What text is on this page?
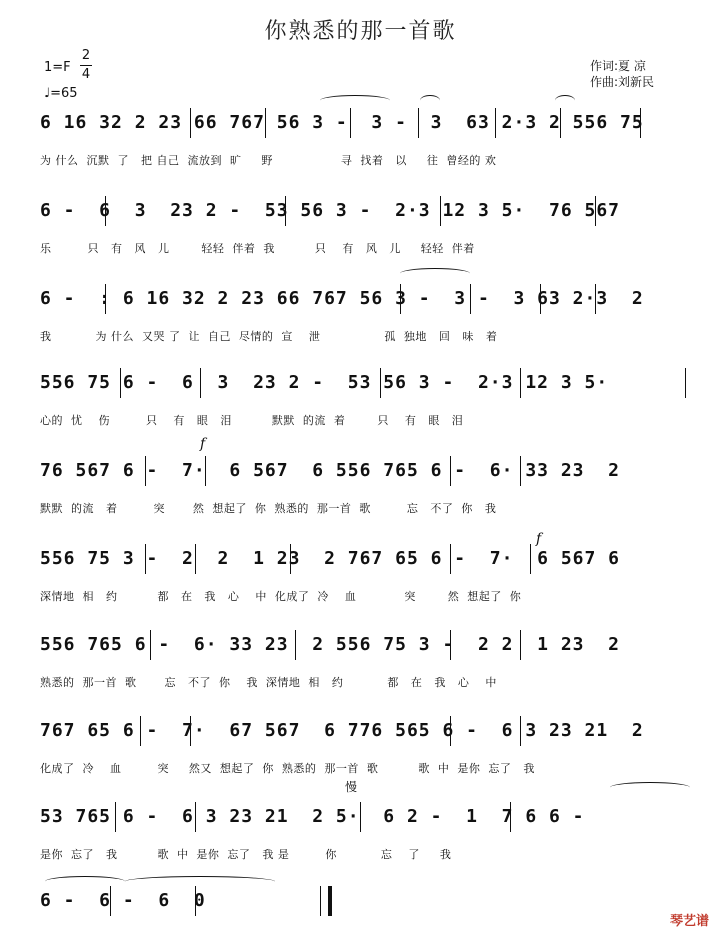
你熟悉的那一首歌
1=F
2
4
♩=65
作词:夏 凉
作曲:刘新民
6 16 32 2 23 66 767 56 3 -  3 -  3  63 2·3 2 556 75
为 什么  沉默  了   把 自己  流放到  旷     野                 寻  找着   以     往  曾经的 欢
6 -  6  3  23 2 -  53 56 3 -  2·3 12 3 5·  76 567
乐         只   有   风   儿        轻轻  伴着  我          只    有   风   儿     轻轻  伴着
6 -  : 6 16 32 2 23 66 767 56 3 -  3 -  3 63 2·3  2
我           为 什么  又哭 了  让  自己  尽情的  宣    泄                孤  独地   回   味   着
556 75 6 -  6  3  23 2 -  53 56 3 -  2·3 12 3 5·
心的  忧    伤         只    有   眼   泪          默默  的流  着        只    有   眼   泪
76 567 6 -  7·  6 567  6 556 765 6 -  6· 33 23  2
默默  的流   着         突       然  想起了  你  熟悉的  那一首  歌         忘   不了  你   我
556 75 3 -  2  2  1 23  2 767 65 6 -  7·  6 567 6
深情地  相   约          都   在   我   心    中  化成了  冷    血            突        然  想起了  你
556 765 6 -  6· 33 23  2 556 75 3 -  2 2  1 23  2
熟悉的  那一首  歌       忘   不了  你    我  深情地  相   约           都   在   我   心    中
767 65 6 -  7·  67 567  6 776 565 6 -  6 3 23 21  2
化成了  冷    血         突     然又  想起了  你  熟悉的  那一首  歌          歌  中  是你  忘了   我
53 765 6 -  6 3 23 21  2 5·  6 2 -  1  7 6 6 -
是你  忘了   我          歌  中  是你  忘了   我 是         你           忘    了     我
6 -  6 -  6  0
f
f
慢
琴艺谱
